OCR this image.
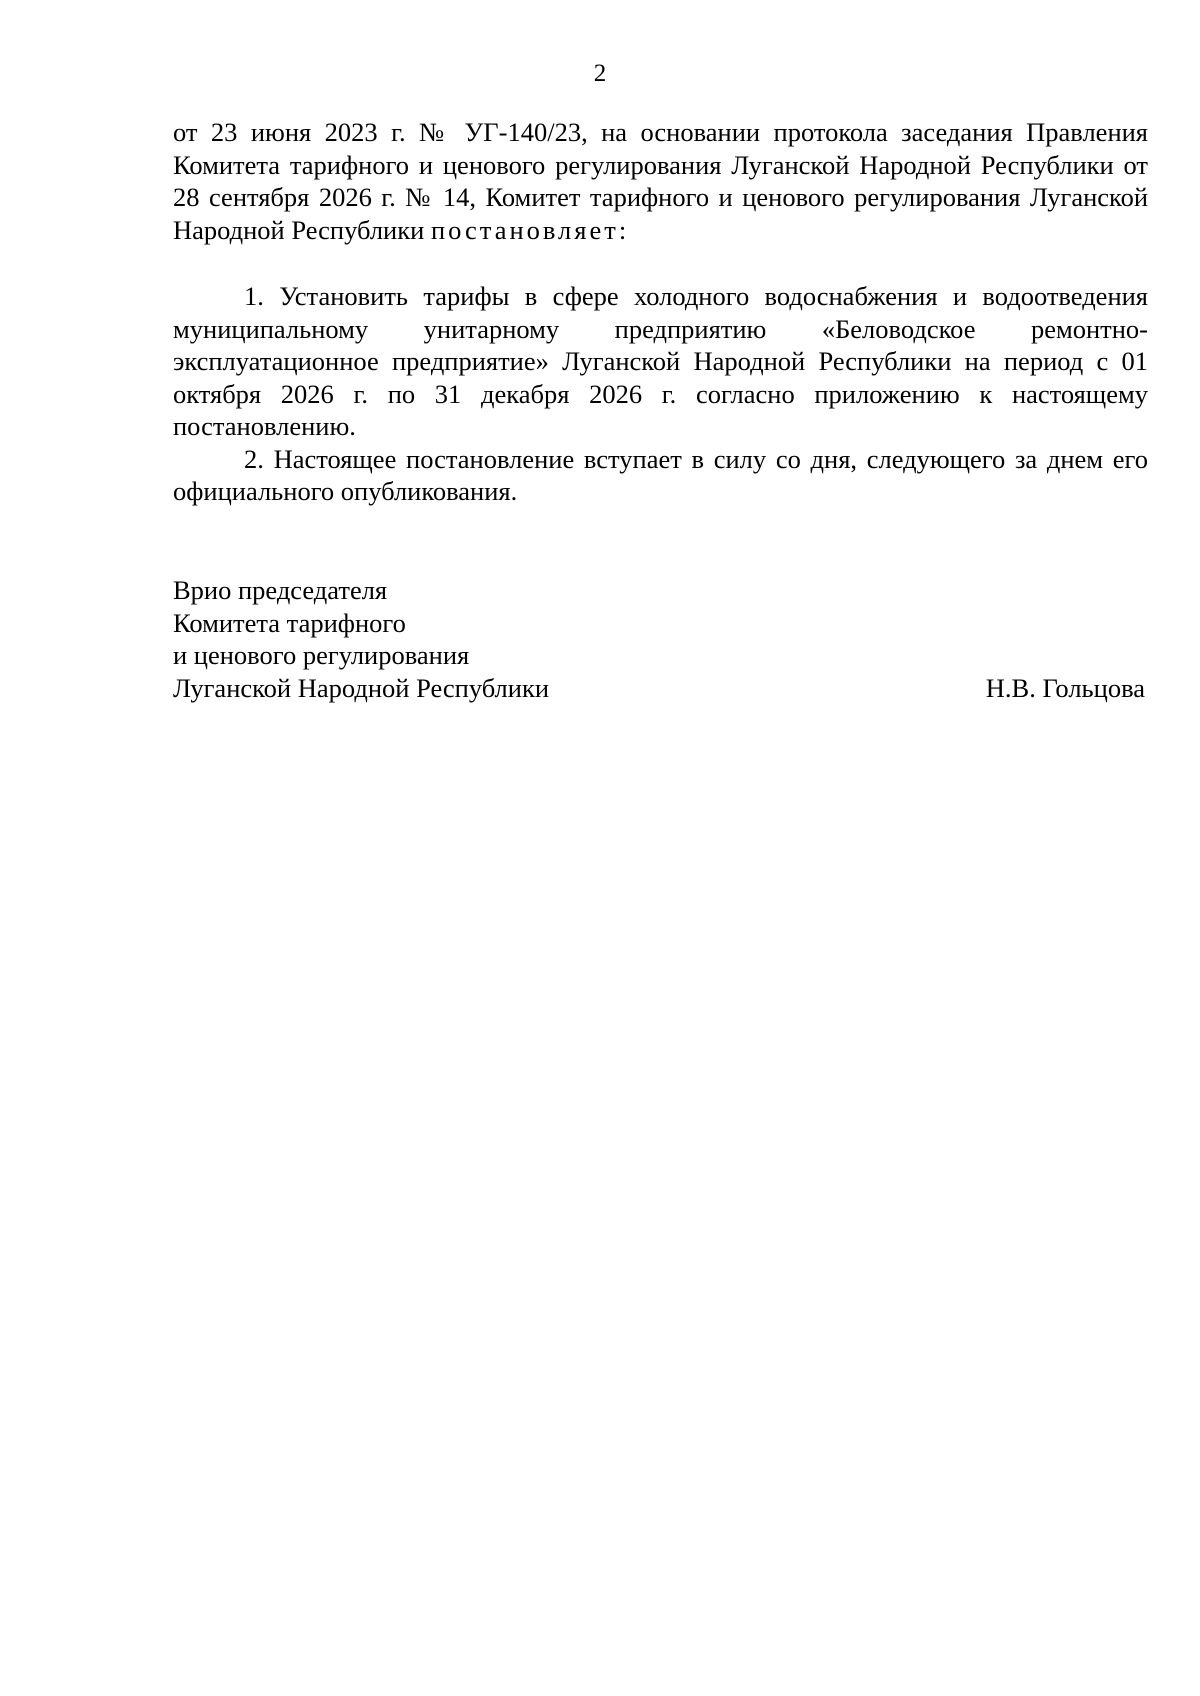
2

от 23 июня 2023 г. № УГ-140/23, на основании протокола заседания Правления Комитета тарифного и ценового регулирования Луганской Народной Республики от 28 сентября 2026 г. № 14, Комитет тарифного и ценового регулирования Луганской Народной Республики постановляет:

1. Установить тарифы в сфере холодного водоснабжения и водоотведения муниципальному унитарному предприятию «Беловодское ремонтно-эксплуатационное предприятие» Луганской Народной Республики на период с 01 октября 2026 г. по 31 декабря 2026 г. согласно приложению к настоящему постановлению.

2. Настоящее постановление вступает в силу со дня, следующего за днем его официального опубликования.

Врио председателя
Комитета тарифного
и ценового регулирования
Луганской Народной Республики	Н.В. Гольцова
